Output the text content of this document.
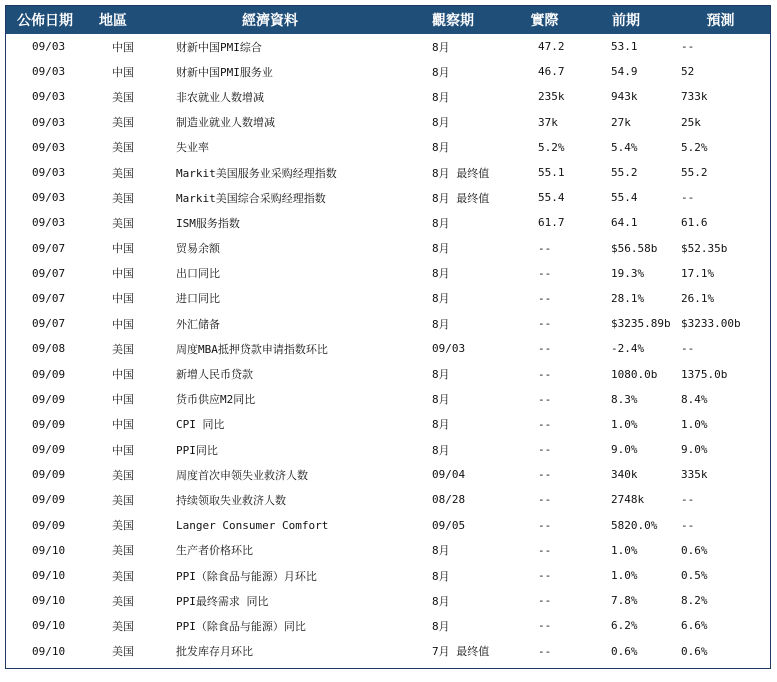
公佈日期	地區	經濟資料	觀察期	實際	前期	預測
09/03	中国	财新中国PMI综合	8月	47.2	53.1	--
09/03	中国	财新中国PMI服务业	8月	46.7	54.9	52
09/03	美国	非农就业人数增减	8月	235k	943k	733k
09/03	美国	制造业就业人数增减	8月	37k	27k	25k
09/03	美国	失业率	8月	5.2%	5.4%	5.2%
09/03	美国	Markit美国服务业采购经理指数	8月 最终值	55.1	55.2	55.2
09/03	美国	Markit美国综合采购经理指数	8月 最终值	55.4	55.4	--
09/03	美国	ISM服务指数	8月	61.7	64.1	61.6
09/07	中国	贸易余额	8月	--	$56.58b	$52.35b
09/07	中国	出口同比	8月	--	19.3%	17.1%
09/07	中国	进口同比	8月	--	28.1%	26.1%
09/07	中国	外汇储备	8月	--	$3235.89b	$3233.00b
09/08	美国	周度MBA抵押贷款申请指数环比	09/03	--	-2.4%	--
09/09	中国	新增人民币贷款	8月	--	1080.0b	1375.0b
09/09	中国	货币供应M2同比	8月	--	8.3%	8.4%
09/09	中国	CPI 同比	8月	--	1.0%	1.0%
09/09	中国	PPI同比	8月	--	9.0%	9.0%
09/09	美国	周度首次申领失业救济人数	09/04	--	340k	335k
09/09	美国	持续领取失业救济人数	08/28	--	2748k	--
09/09	美国	Langer Consumer Comfort	09/05	--	5820.0%	--
09/10	美国	生产者价格环比	8月	--	1.0%	0.6%
09/10	美国	PPI（除食品与能源）月环比	8月	--	1.0%	0.5%
09/10	美国	PPI最终需求 同比	8月	--	7.8%	8.2%
09/10	美国	PPI（除食品与能源）同比	8月	--	6.2%	6.6%
09/10	美国	批发库存月环比	7月 最终值	--	0.6%	0.6%
